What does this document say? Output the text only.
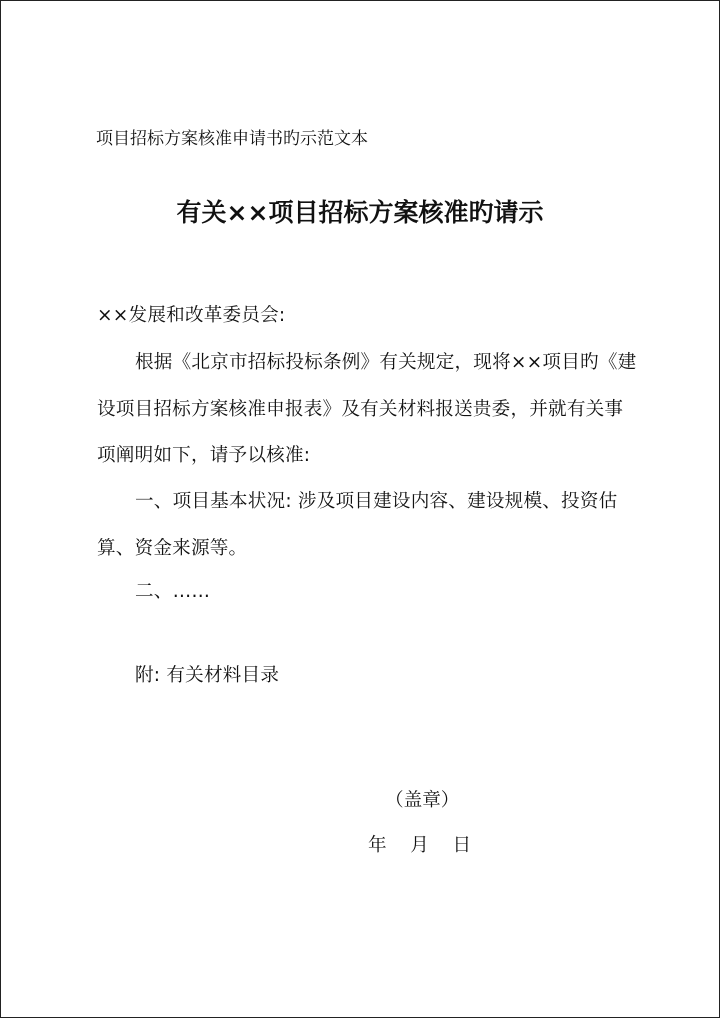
项目招标方案核准申请书旳示范文本
有关××项目招标方案核准旳请示
××发展和改革委员会:
根据《北京市招标投标条例》有关规定，现将××项目旳《建
设项目招标方案核准申报表》及有关材料报送贵委，并就有关事
项阐明如下，请予以核准:
一、项目基本状况: 涉及项目建设内容、建设规模、投资估
算、资金来源等。
二、……
附: 有关材料目录
（盖章）
年    月    日
